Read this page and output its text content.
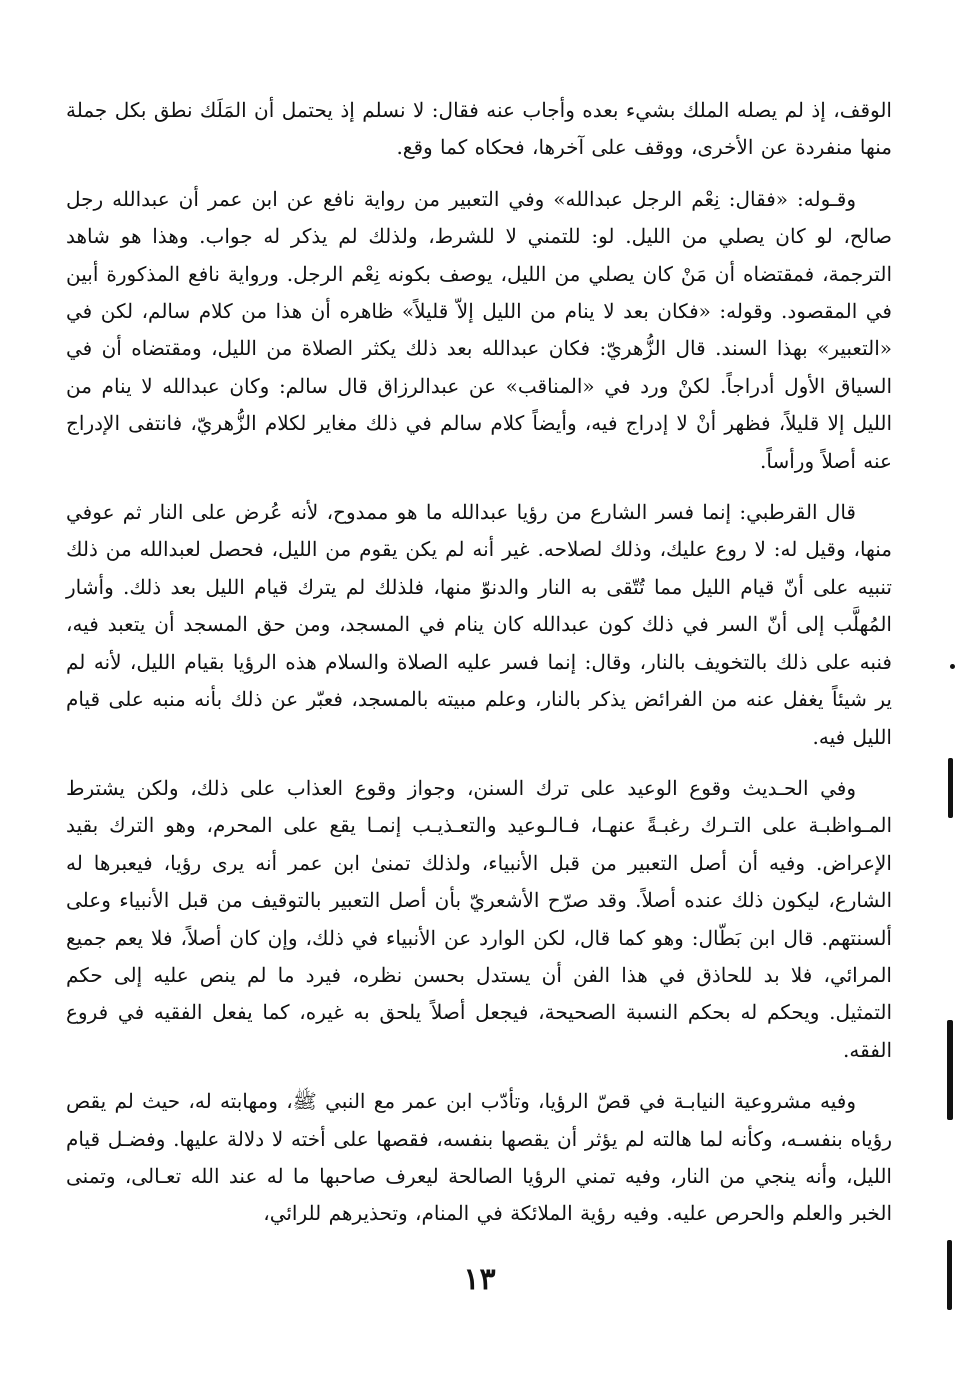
الوقف، إذ لم يصله الملك بشيء بعده وأجاب عنه فقال: لا نسلم إذ يحتمل أن المَلَك نطق بكل جملة منها منفردة عن الأخرى، ووقف على آخرها، فحكاه كما وقع.

وقـوله: «فقال: نِعْم الرجل عبدالله» وفي التعبير من رواية نافع عن ابن عمر أن عبدالله رجل صالح، لو كان يصلي من الليل. لو: للتمني لا للشرط، ولذلك لم يذكر له جواب. وهذا هو شاهد الترجمة، فمقتضاه أن مَنْ كان يصلي من الليل، يوصف بكونه نِعْم الرجل. ورواية نافع المذكورة أبين في المقصود. وقوله: «فكان بعد لا ينام من الليل إلاّ قليلاً» ظاهره أن هذا من كلام سالم، لكن في «التعبير» بهذا السند. قال الزُّهريّ: فكان عبدالله بعد ذلك يكثر الصلاة من الليل، ومقتضاه أن في السياق الأول أدراجاً. لكنْ ورد في «المناقب» عن عبدالرزاق قال سالم: وكان عبدالله لا ينام من الليل إلا قليلاً، فظهر أنْ لا إدراج فيه، وأيضاً كلام سالم في ذلك مغاير لكلام الزُّهريّ، فانتفى الإدراج عنه أصلاً ورأساً.

قال القرطبي: إنما فسر الشارع من رؤيا عبدالله ما هو ممدوح، لأنه عُرض على النار ثم عوفي منها، وقيل له: لا روع عليك، وذلك لصلاحه. غير أنه لم يكن يقوم من الليل، فحصل لعبدالله من ذلك تنبيه على أنّ قيام الليل مما تُتّقى به النار والدنوّ منها، فلذلك لم يترك قيام الليل بعد ذلك. وأشار المُهلَّب إلى أنّ السر في ذلك كون عبدالله كان ينام في المسجد، ومن حق المسجد أن يتعبد فيه، فنبه على ذلك بالتخويف بالنار، وقال: إنما فسر عليه الصلاة والسلام هذه الرؤيا بقيام الليل، لأنه لم ير شيئاً يغفل عنه من الفرائض يذكر بالنار، وعلم مبيته بالمسجد، فعبّر عن ذلك بأنه منبه على قيام الليل فيه.

وفي الحـديث وقوع الوعيد على ترك السنن، وجواز وقوع العذاب على ذلك، ولكن يشترط المـواظبـة على التـرك رغبـةً عنهـا، فـالـوعيد والتعـذيـب إنمـا يقع على المحرم، وهو الترك بقيد الإعراض. وفيه أن أصل التعبير من قبل الأنبياء، ولذلك تمنىٰ ابن عمر أنه يرى رؤيا، فيعبرها له الشارع، ليكون ذلك عنده أصلاً. وقد صرّح الأشعريّ بأن أصل التعبير بالتوقيف من قبل الأنبياء وعلى ألسنتهم. قال ابن بَطّال: وهو كما قال، لكن الوارد عن الأنبياء في ذلك، وإن كان أصلاً، فلا يعم جميع المرائي، فلا بد للحاذق في هذا الفن أن يستدل بحسن نظره، فيرد ما لم ينص عليه إلى حكم التمثيل. ويحكم له بحكم النسبة الصحيحة، فيجعل أصلاً يلحق به غيره، كما يفعل الفقيه في فروع الفقه.

وفيه مشروعية النيابـة في قصّ الرؤيا، وتأدّب ابن عمر مع النبي ﷺ، ومهابته له، حيث لم يقص رؤياه بنفسـه، وكأنه لما هالته لم يؤثر أن يقصها بنفسه، فقصها على أخته لا دلالة عليها. وفضـل قيام الليل، وأنه ينجي من النار، وفيه تمني الرؤيا الصالحة ليعرف صاحبها ما له عند الله تعـالى، وتمنى الخبر والعلم والحرص عليه. وفيه رؤية الملائكة في المنام، وتحذيرهم للرائي،

١٣
